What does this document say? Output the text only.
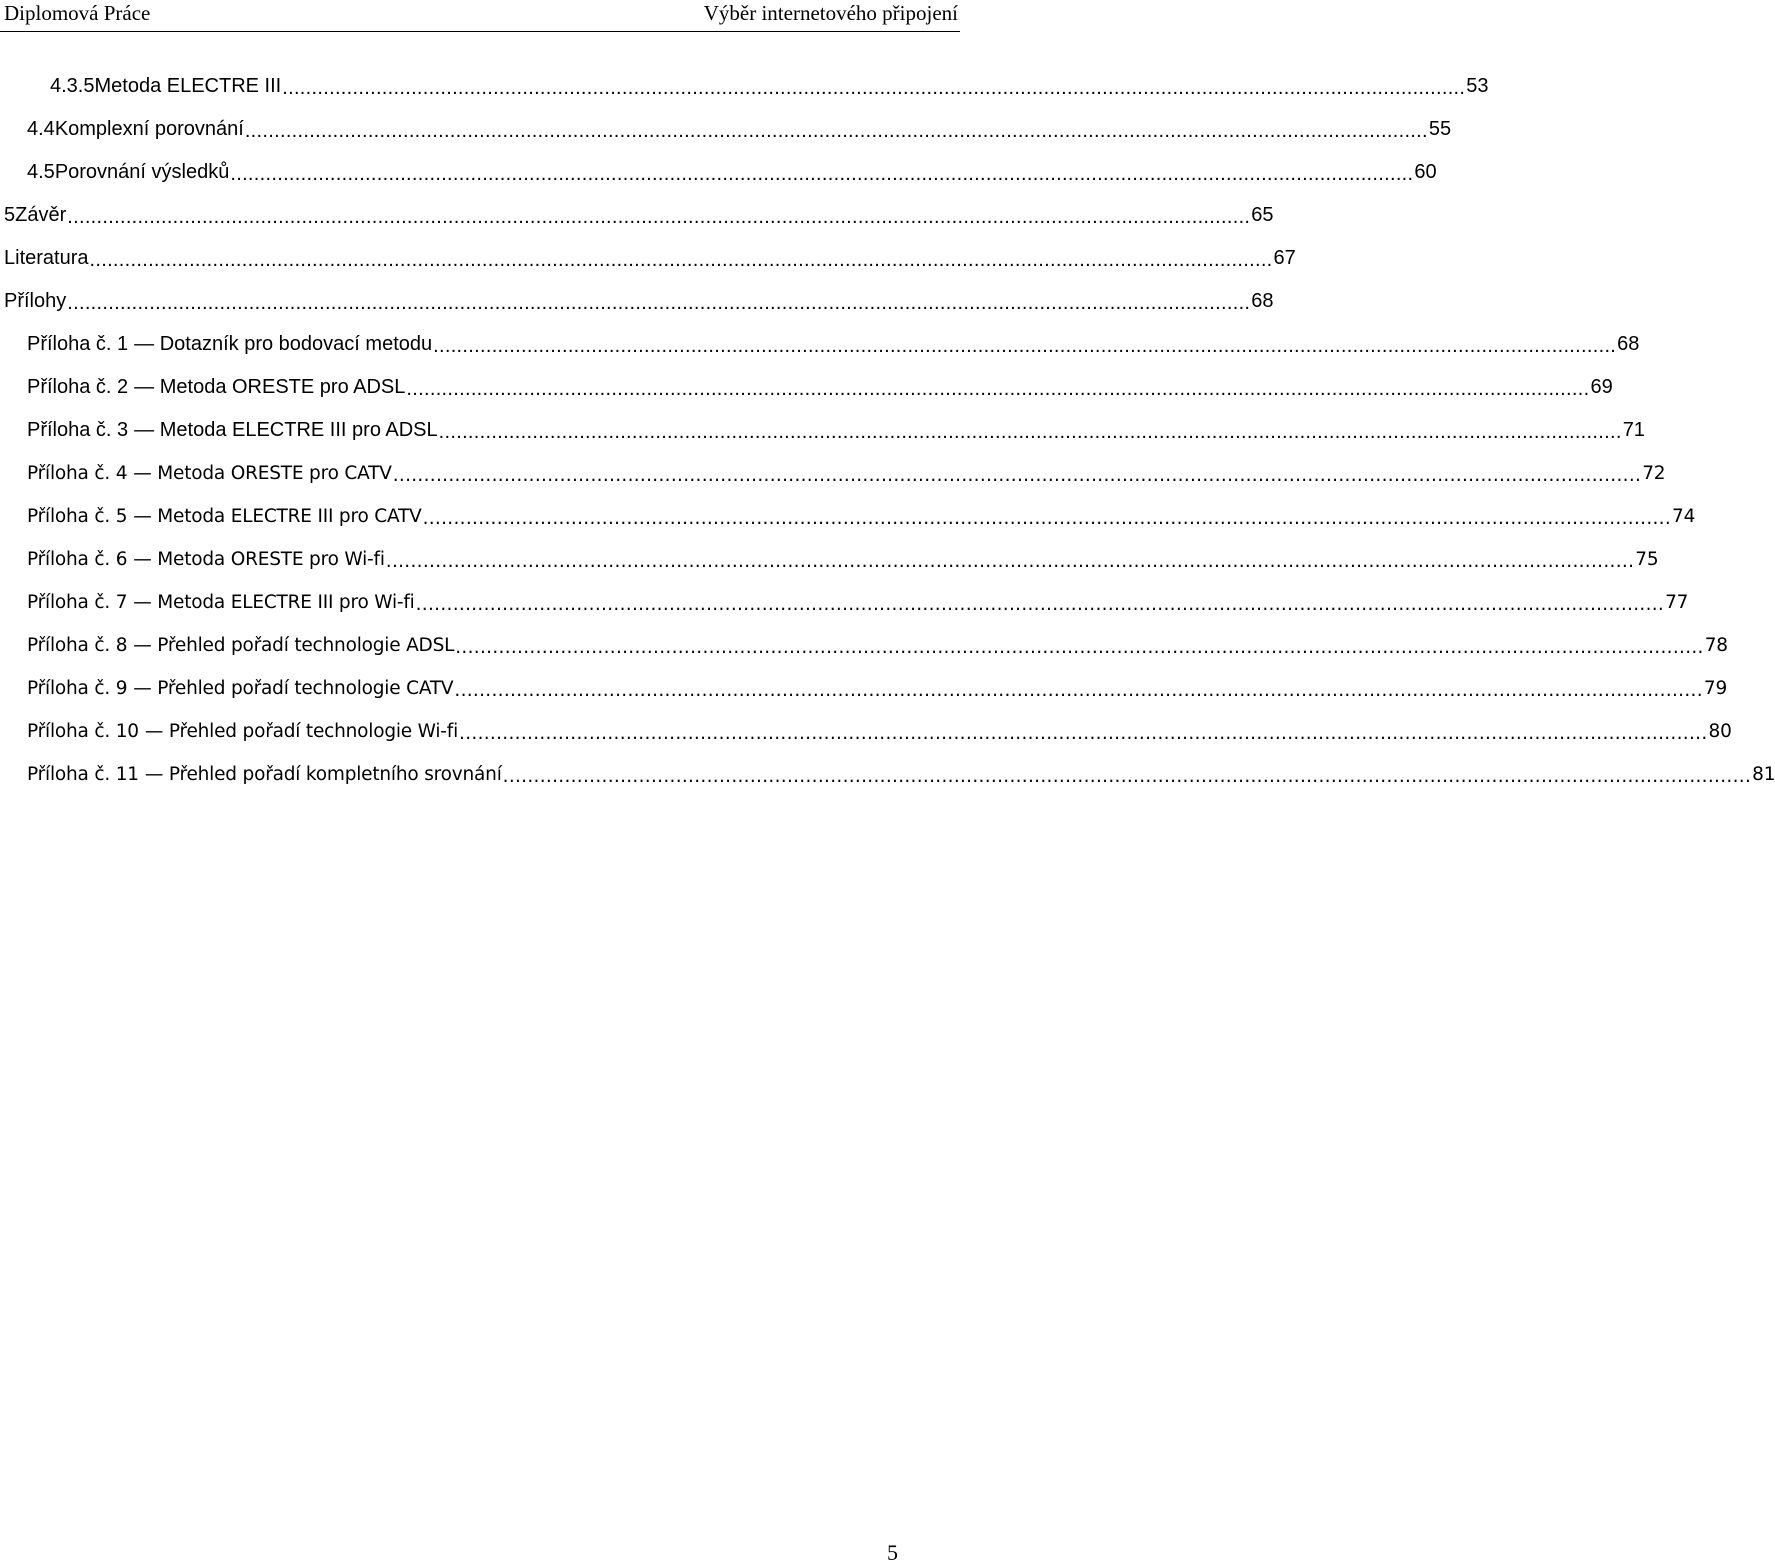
Diplomová Práce	Výběr internetového připojení
4.3.5 Metoda ELECTRE III .......................................................................................................................................................................................................... 53
4.4 Komplexní porovnání .......................................................................................................................................................................................................... 55
4.5 Porovnání výsledků .......................................................................................................................................................................................................... 60
5 Závěr .......................................................................................................................................................................................................... 65
Literatura .......................................................................................................................................................................................................... 67
Přílohy .......................................................................................................................................................................................................... 68
Příloha č. 1 — Dotazník pro bodovací metodu .......................................................................................................................................................................................................... 68
Příloha č. 2 — Metoda ORESTE pro ADSL .......................................................................................................................................................................................................... 69
Příloha č. 3 — Metoda ELECTRE III pro ADSL .......................................................................................................................................................................................................... 71
Příloha č. 4 — Metoda ORESTE pro CATV .......................................................................................................................................................................................................... 72
Příloha č. 5 — Metoda ELECTRE III pro CATV .......................................................................................................................................................................................................... 74
Příloha č. 6 — Metoda ORESTE pro Wi-fi .......................................................................................................................................................................................................... 75
Příloha č. 7 — Metoda ELECTRE III pro Wi-fi .......................................................................................................................................................................................................... 77
Příloha č. 8 — Přehled pořadí technologie ADSL .......................................................................................................................................................................................................... 78
Příloha č. 9 — Přehled pořadí technologie CATV .......................................................................................................................................................................................................... 79
Příloha č. 10 — Přehled pořadí technologie Wi-fi .......................................................................................................................................................................................................... 80
Příloha č. 11 — Přehled pořadí kompletního srovnání .......................................................................................................................................................................................................... 81
5
